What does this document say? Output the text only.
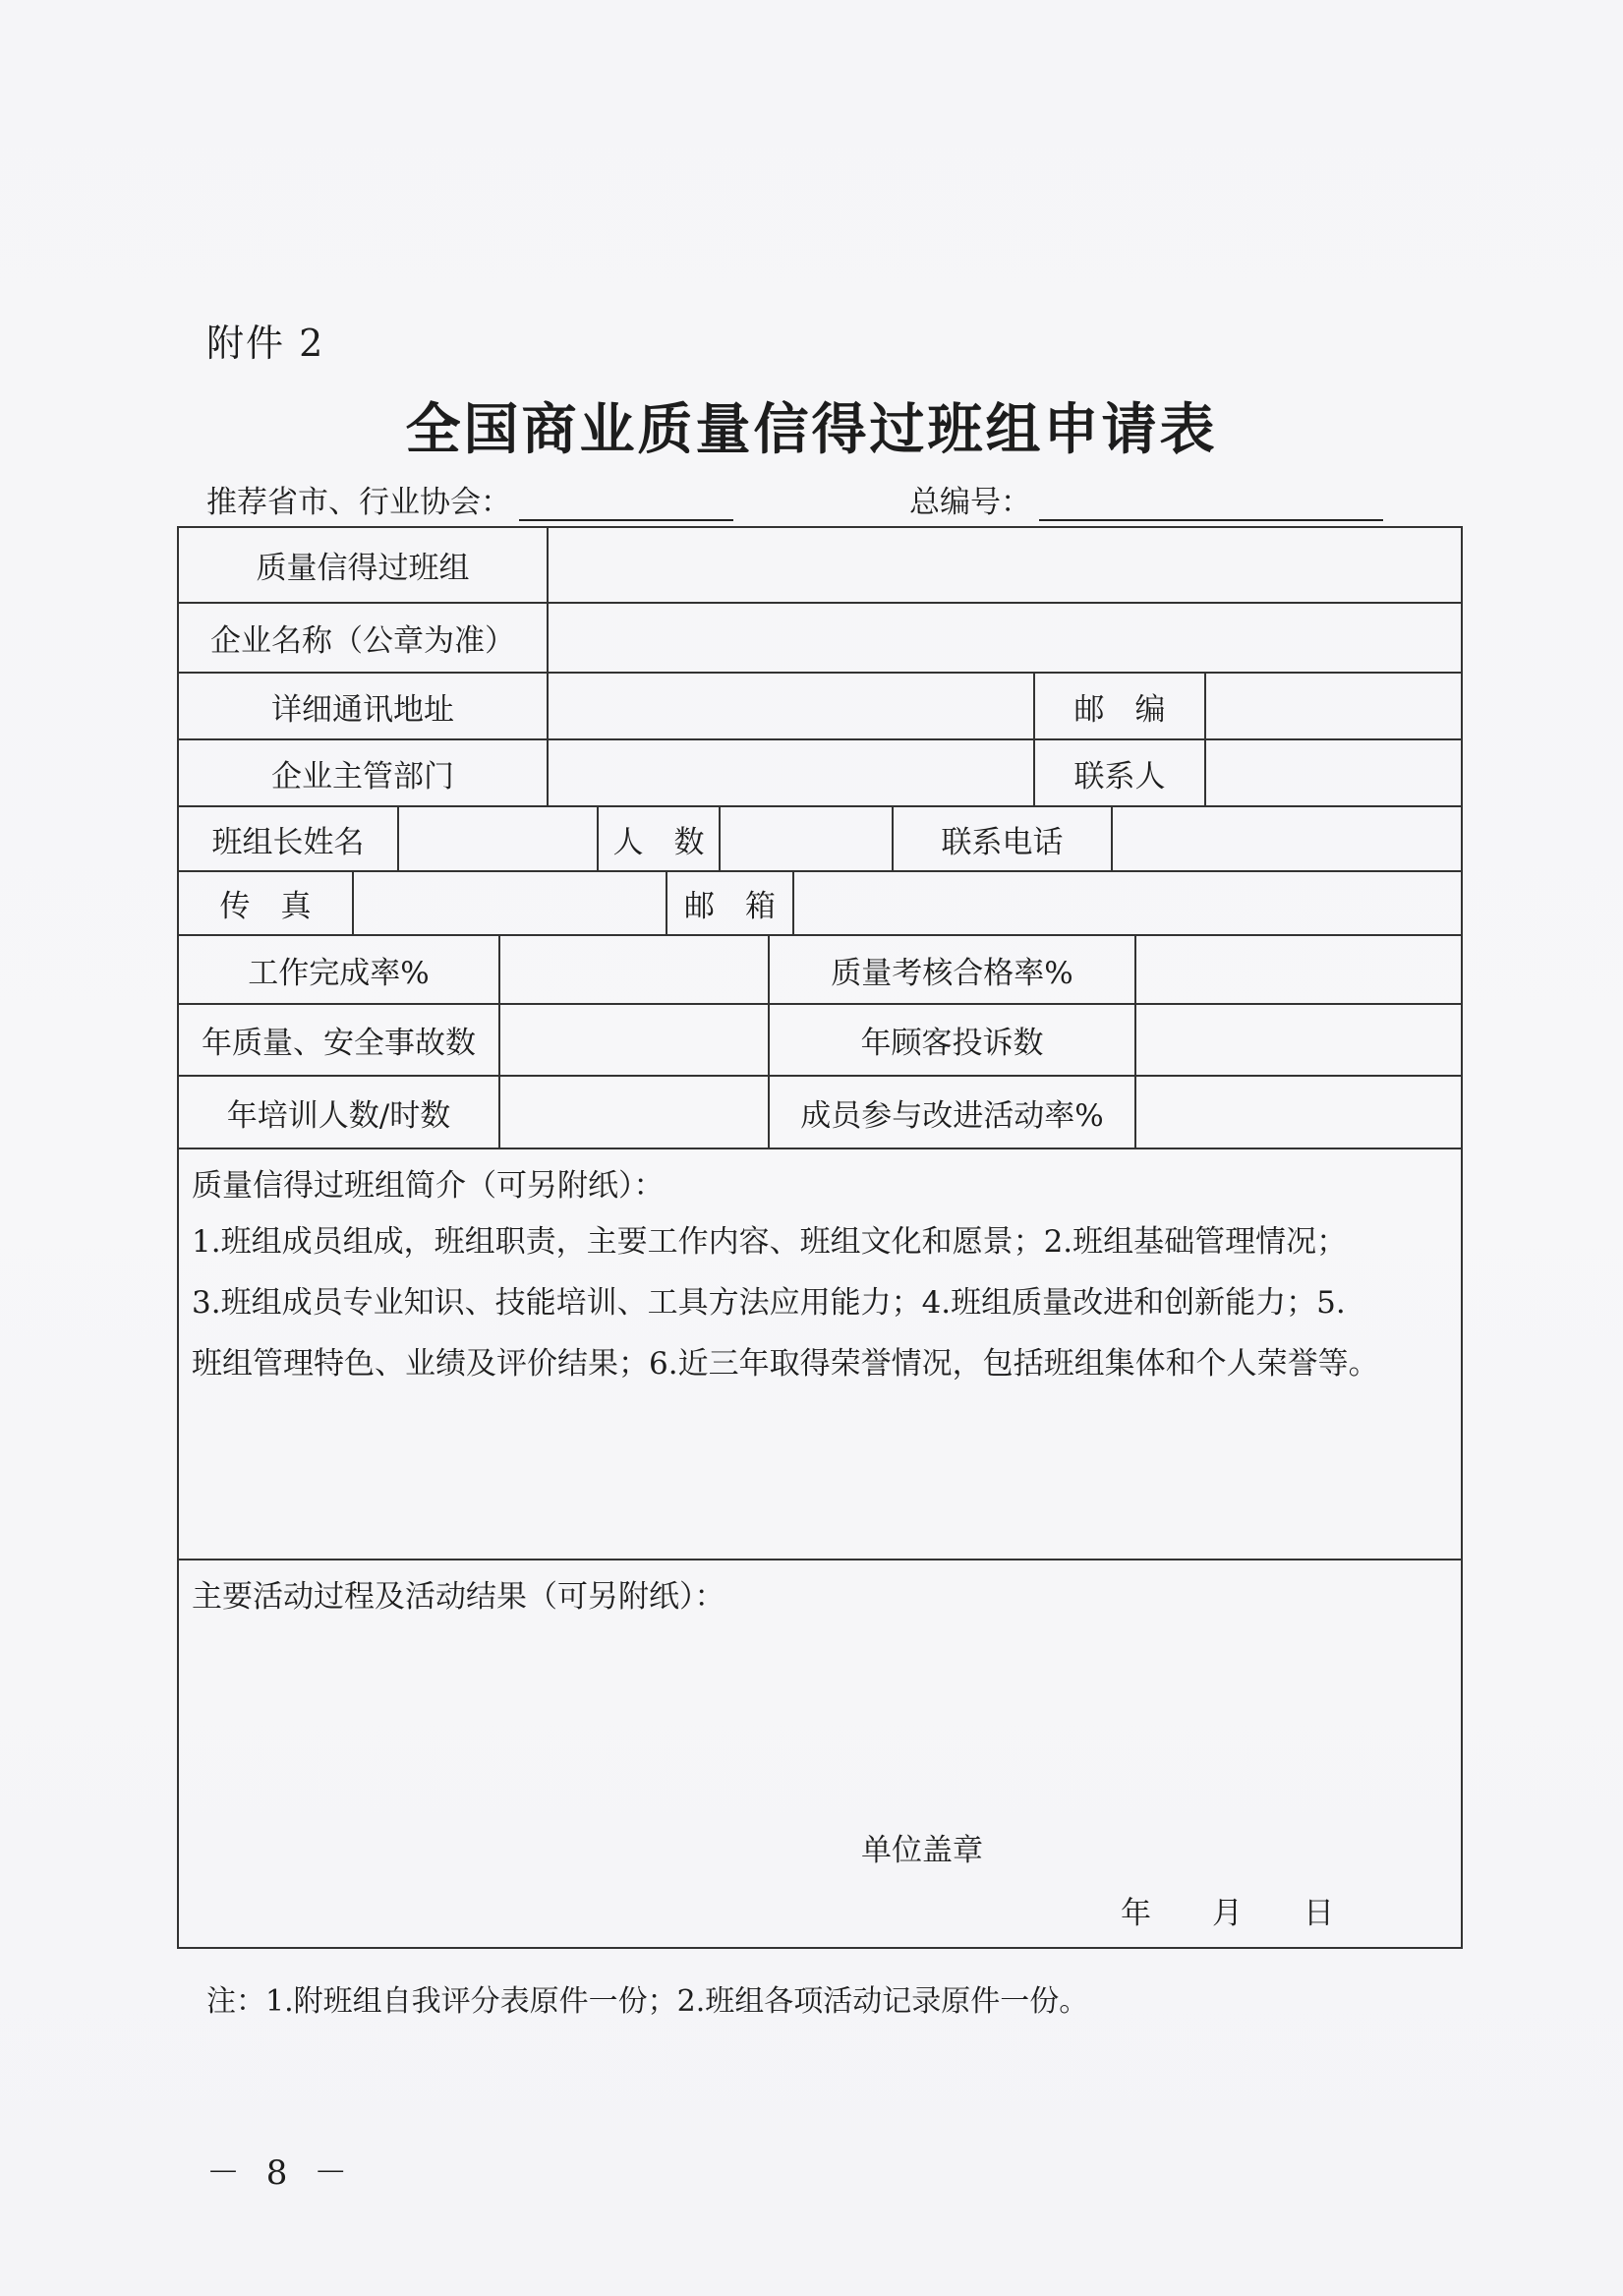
附件 2
全国商业质量信得过班组申请表
推荐省市、行业协会：	总编号：
质量信得过班组
企业名称（公章为准）
详细通讯地址	邮　编
企业主管部门	联系人
班组长姓名	人　数	联系电话
传　真	邮　箱
工作完成率%	质量考核合格率%
年质量、安全事故数	年顾客投诉数
年培训人数/时数	成员参与改进活动率%
质量信得过班组简介（可另附纸）：
1.班组成员组成，班组职责，主要工作内容、班组文化和愿景；2.班组基础管理情况；
3.班组成员专业知识、技能培训、工具方法应用能力；4.班组质量改进和创新能力；5.
班组管理特色、业绩及评价结果；6.近三年取得荣誉情况，包括班组集体和个人荣誉等。
主要活动过程及活动结果（可另附纸）：
单位盖章
年　　月　　日
注：1.附班组自我评分表原件一份；2.班组各项活动记录原件一份。
－ 8 －
